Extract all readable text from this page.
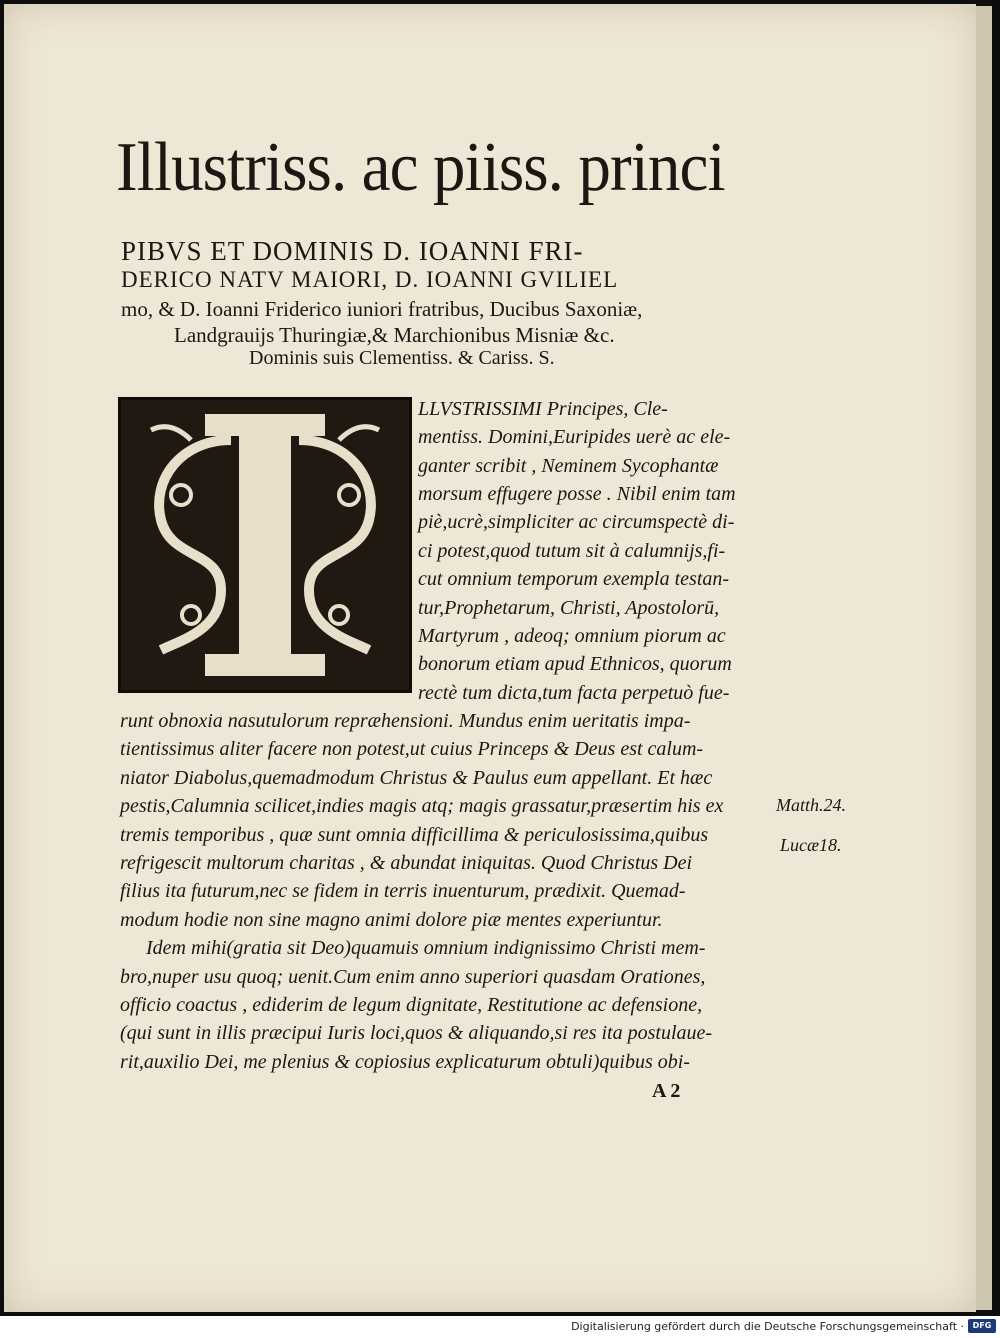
Illustriss. ac piiss. princi
PIBVS ET DOMINIS D. IOANNI FRI-
DERICO NATV MAIORI, D. IOANNI GVILIEL
mo, & D. Ioanni Friderico iuniori fratribus, Ducibus Saxoniæ,
Landgrauijs Thuringiæ,& Marchionibus Misniæ &c.
Dominis suis Clementiss. & Cariss. S.
LLVSTRISSIMI Principes, Cle-
mentiss. Domini,Euripides uerè ac ele-
ganter scribit , Neminem Sycophantæ
morsum effugere posse . Nibil enim tam
piè,ucrè,simpliciter ac circumspectè di-
ci potest,quod tutum sit à calumnijs,fi-
cut omnium temporum exempla testan-
tur,Prophetarum, Christi, Apostolorū,
Martyrum , adeoq; omnium piorum ac
bonorum etiam apud Ethnicos, quorum
rectè tum dicta,tum facta perpetuò fue-
runt obnoxia nasutulorum repræhensioni. Mundus enim ueritatis impa-
tientissimus aliter facere non potest,ut cuius Princeps & Deus est calum-
niator Diabolus,quemadmodum Christus & Paulus eum appellant. Et hæc
pestis,Calumnia scilicet,indies magis atq; magis grassatur,præsertim his ex
tremis temporibus , quæ sunt omnia difficillima & periculosissima,quibus
refrigescit multorum charitas , & abundat iniquitas. Quod Christus Dei
filius ita futurum,nec se fidem in terris inuenturum, prædixit. Quemad-
modum hodie non sine magno animi dolore piæ mentes experiuntur.
Idem mihi(gratia sit Deo)quamuis omnium indignissimo Christi mem-
bro,nuper usu quoq; uenit.Cum enim anno superiori quasdam Orationes,
officio coactus , ediderim de legum dignitate, Restitutione ac defensione,
(qui sunt in illis præcipui Iuris loci,quos & aliquando,si res ita postulaue-
rit,auxilio Dei, me plenius & copiosius explicaturum obtuli)quibus obi-
Matth.24.
Lucæ18.
A 2
Digitalisierung gefördert durch die Deutsche Forschungsgemeinschaft ·	DFG
